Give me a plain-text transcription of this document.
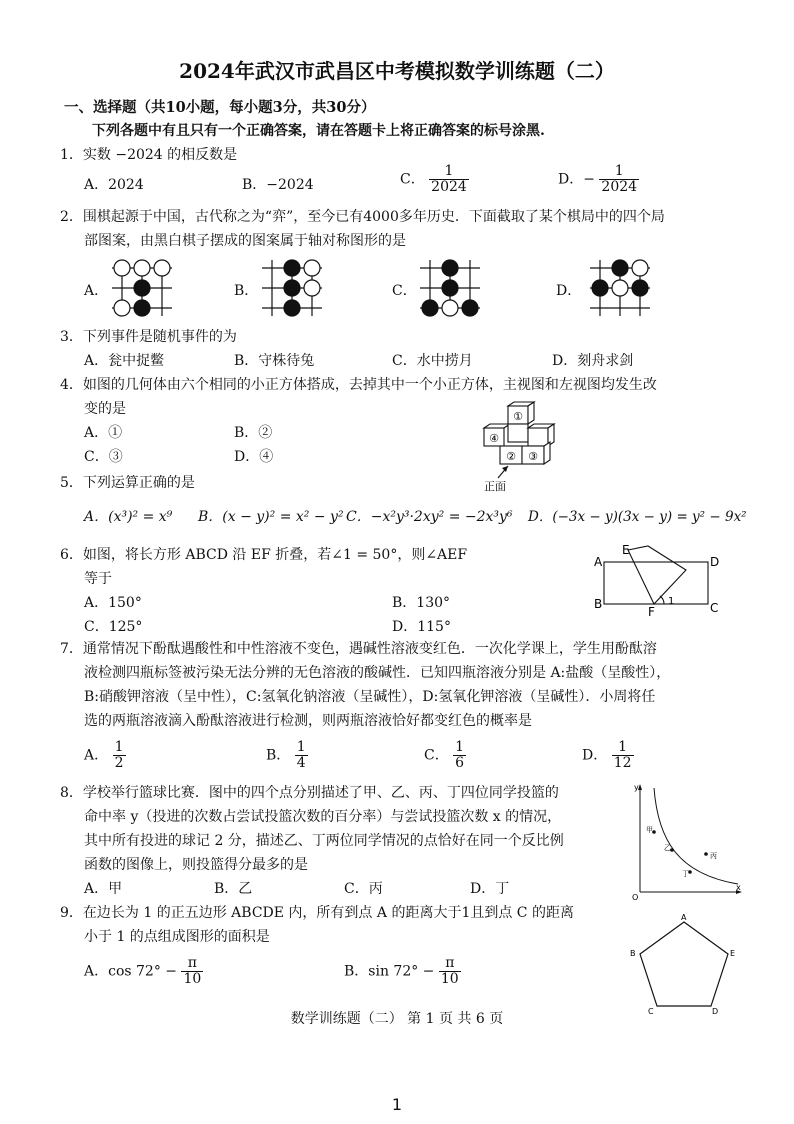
2024年武汉市武昌区中考模拟数学训练题（二）
一、选择题（共10小题，每小题3分，共30分）
下列各题中有且只有一个正确答案，请在答题卡上将正确答案的标号涂黑.
1．实数 −2024 的相反数是
A．2024	B．−2024	C． $\frac{1}{2024}$	D．− $\frac{1}{2024}$
2．围棋起源于中国，古代称之为“弈”，至今已有4000多年历史．下面截取了某个棋局中的四个局
部图案，由黑白棋子摆成的图案属于轴对称图形的是
A．	B．	C．	D．
3．下列事件是随机事件的为
A．瓮中捉鳖	B．守株待兔	C．水中捞月	D．刻舟求剑
4．如图的几何体由六个相同的小正方体搭成，去掉其中一个小正方体，主视图和左视图均发生改
变的是
A．①	B．②
C．③	D．④
①
④
② ③
正面
5．下列运算正确的是
A．(x³)² = x⁹ B．(x − y)² = x² − y² C．−x²y³·2xy² = −2x³y⁶ D．(−3x − y)(3x − y) = y² − 9x²
6．如图，将长方形 ABCD 沿 EF 折叠，若∠1 = 50°，则∠AEF
等于
A．150°	B．130°
C．125°	D．115°
A
E
D
B
F	C
1
7．通常情况下酚酞遇酸性和中性溶液不变色，遇碱性溶液变红色．一次化学课上，学生用酚酞溶
液检测四瓶标签被污染无法分辨的无色溶液的酸碱性．已知四瓶溶液分别是 A:盐酸（呈酸性），
B:硝酸钾溶液（呈中性），C:氢氧化钠溶液（呈碱性），D:氢氧化钾溶液（呈碱性）．小周将任
选的两瓶溶液滴入酚酞溶液进行检测，则两瓶溶液恰好都变红色的概率是
A． $\frac{1}{2}$	B． $\frac{1}{4}$	C． $\frac{1}{6}$	D． $\frac{1}{12}$
8．学校举行篮球比赛．图中的四个点分别描述了甲、乙、丙、丁四位同学投篮的
命中率 y（投进的次数占尝试投篮次数的百分率）与尝试投篮次数 x 的情况，
其中所有投进的球记 2 分，描述乙、丁两位同学情况的点恰好在同一个反比例
函数的图像上，则投篮得分最多的是
A．甲	B．乙	C．丙	D．丁
y
x
O
甲
乙
丙
丁
9．在边长为 1 的正五边形 ABCDE 内，所有到点 A 的距离大于1且到点 C 的距离
小于 1 的点组成图形的面积是
A．$\cos 72^\circ - \frac{\pi}{10}$	B．$\sin 72^\circ - \frac{\pi}{10}$
A
B
C	D
E
数学训练题（二） 第 1 页 共 6 页
1
